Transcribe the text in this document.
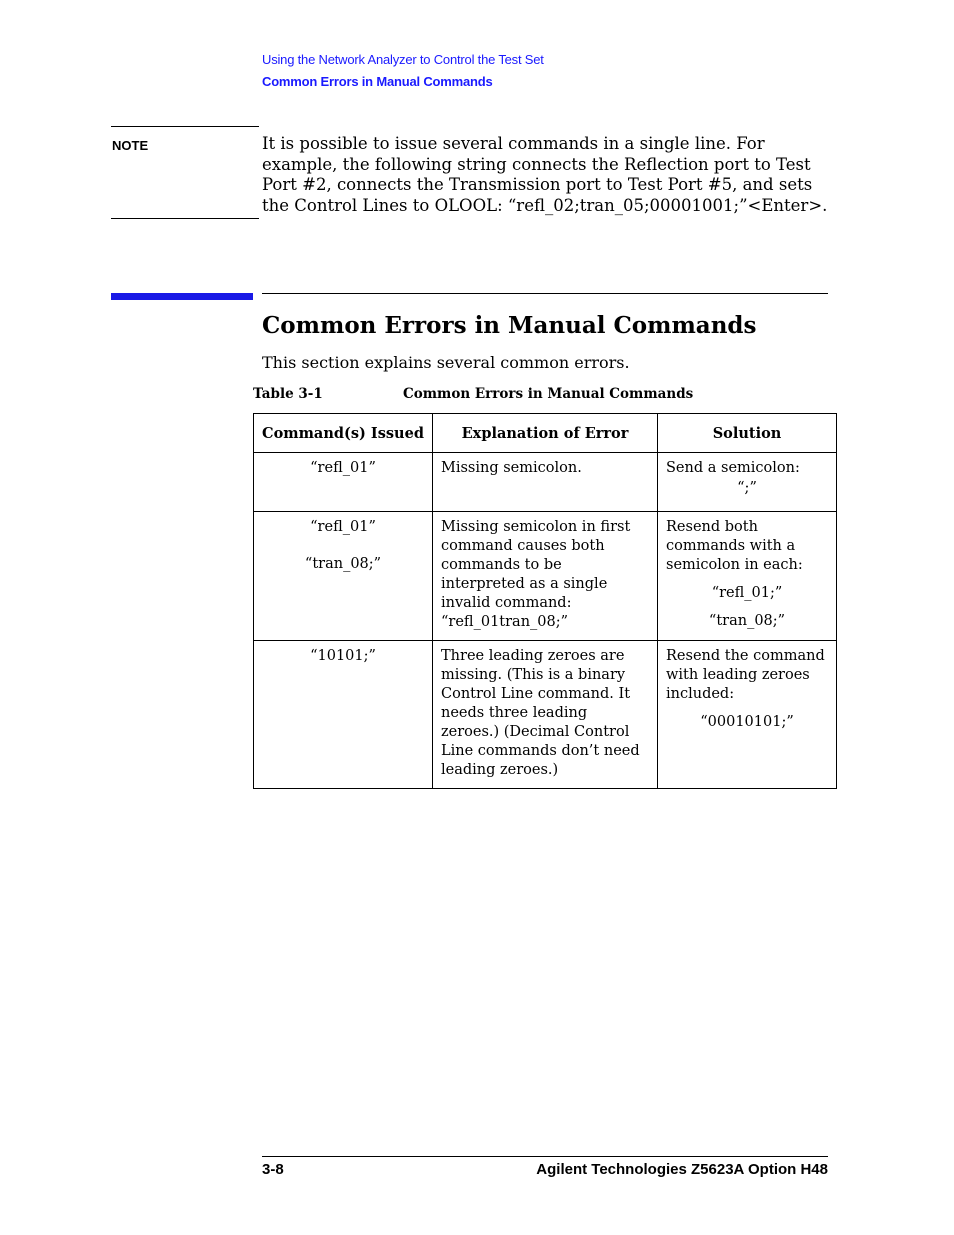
Using the Network Analyzer to Control the Test Set
Common Errors in Manual Commands
NOTE	It is possible to issue several commands in a single line. For example, the following string connects the Reflection port to Test Port #2, connects the Transmission port to Test Port #5, and sets the Control Lines to OLOOL: “refl_02;tran_05;00001001;”<Enter>.
Common Errors in Manual Commands
This section explains several common errors.
Table 3-1	Common Errors in Manual Commands
Command(s) Issued	Explanation of Error	Solution

“refl_01”	Missing semicolon.	Send a semicolon:
“;”

“refl_01”
“tran_08;”	Missing semicolon in first command causes both commands to be interpreted as a single invalid command: “refl_01tran_08;”	Resend both commands with a semicolon in each:
“refl_01;”
“tran_08;”

“10101;”	Three leading zeroes are missing. (This is a binary Control Line command. It needs three leading zeroes.) (Decimal Control Line commands don’t need leading zeroes.)	Resend the command with leading zeroes included:
“00010101;”
3-8	Agilent Technologies Z5623A Option H48
